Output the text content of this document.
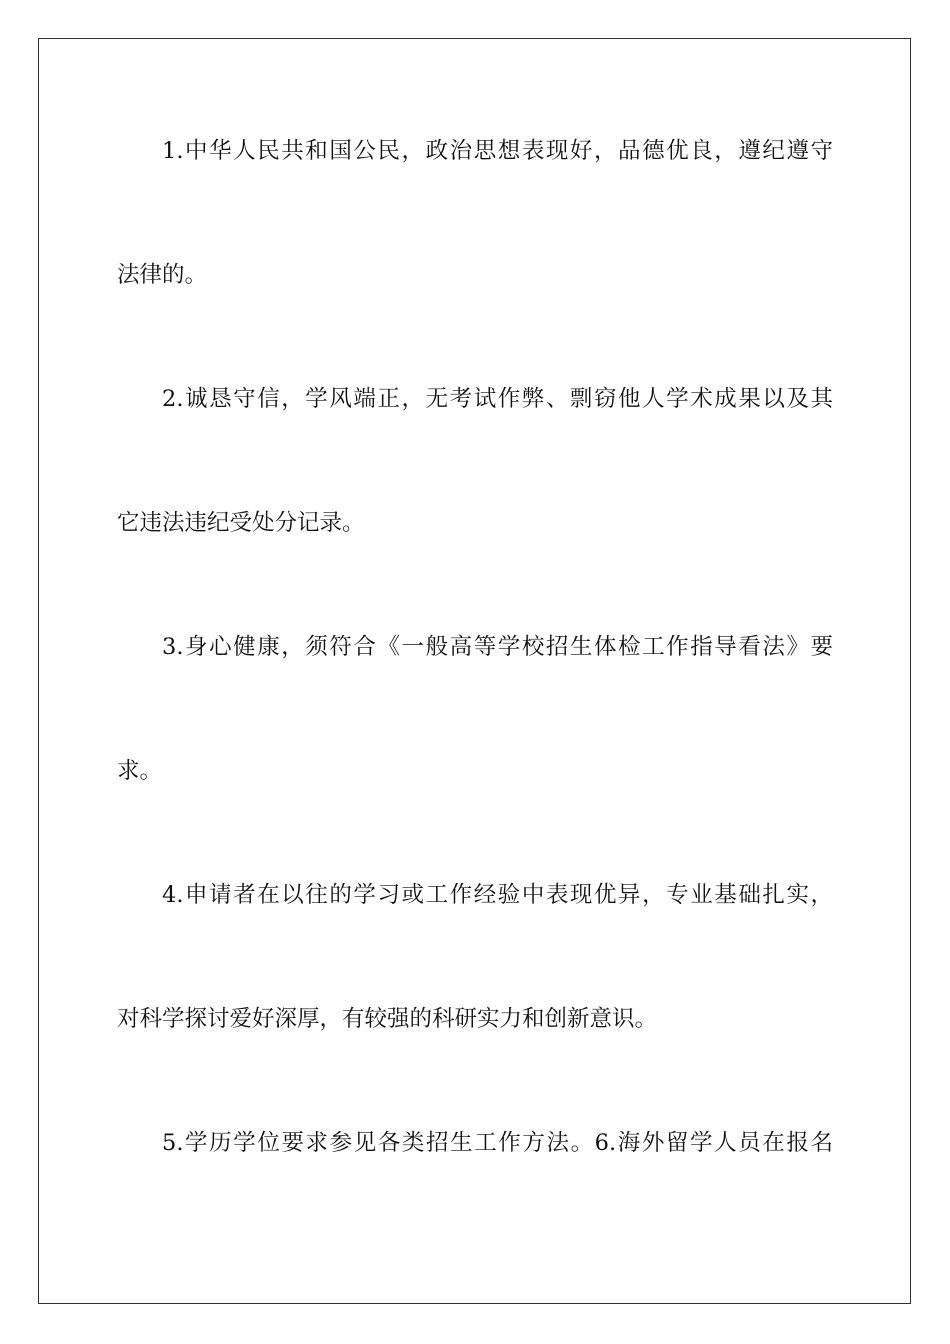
1.中华人民共和国公民，政治思想表现好，品德优良，遵纪遵守

法律的。

2.诚恳守信，学风端正，无考试作弊、剽窃他人学术成果以及其

它违法违纪受处分记录。

3.身心健康，须符合《一般高等学校招生体检工作指导看法》要

求。

4.申请者在以往的学习或工作经验中表现优异，专业基础扎实，

对科学探讨爱好深厚，有较强的科研实力和创新意识。

5.学历学位要求参见各类招生工作方法。6.海外留学人员在报名
